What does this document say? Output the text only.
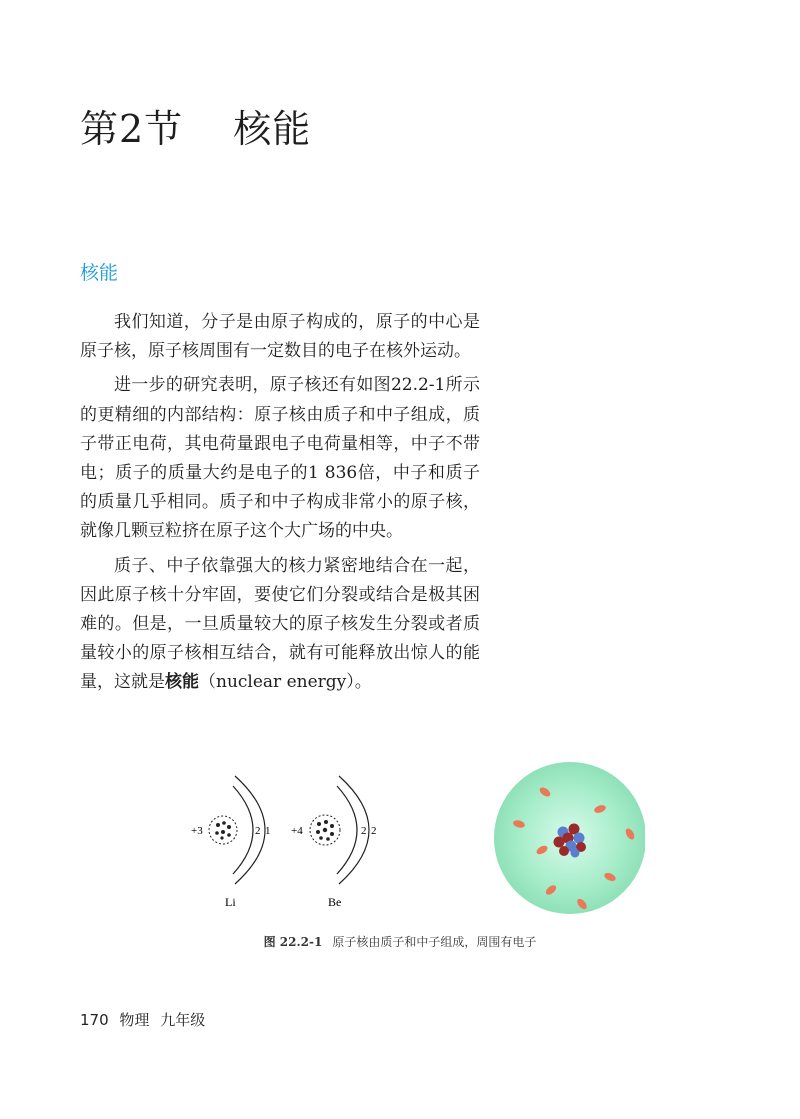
第2节 核能
核能

我们知道，分子是由原子构成的，原子的中心是原子核，原子核周围有一定数目的电子在核外运动。

进一步的研究表明，原子核还有如图22.2-1所示的更精细的内部结构：原子核由质子和中子组成，质子带正电荷，其电荷量跟电子电荷量相等，中子不带电；质子的质量大约是电子的1 836倍，中子和质子的质量几乎相同。质子和中子构成非常小的原子核，就像几颗豆粒挤在原子这个大广场的中央。

质子、中子依靠强大的核力紧密地结合在一起，因此原子核十分牢固，要使它们分裂或结合是极其困难的。但是，一旦质量较大的原子核发生分裂或者质量较小的原子核相互结合，就有可能释放出惊人的能量，这就是核能（nuclear energy）。

+3	2 1
Li
+4	2 2
Be
图 22.2-1 原子核由质子和中子组成，周围有电子
170 物理 九年级
